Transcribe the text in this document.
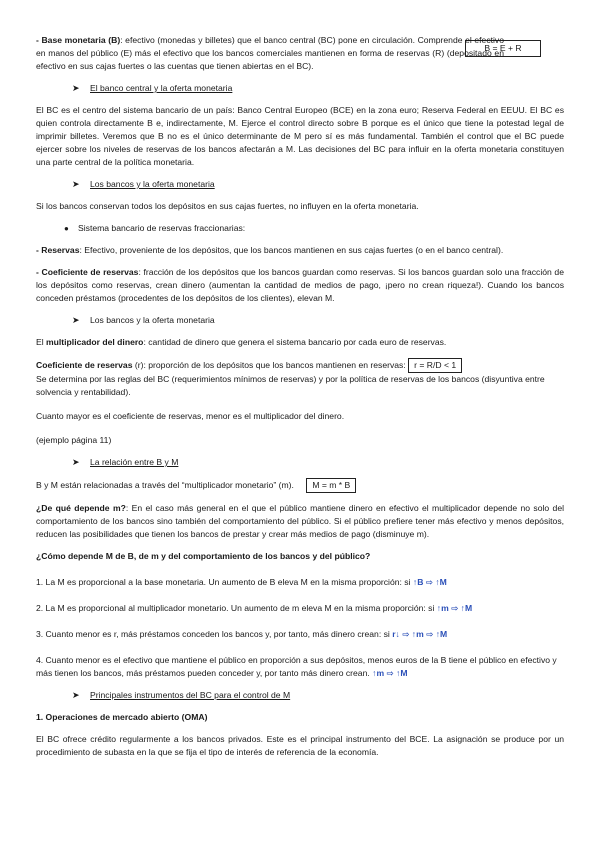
B = E + R

- Base monetaria (B): efectivo (monedas y billetes) que el banco central (BC) pone en circulación. Comprende el efectivo en manos del público (E) más el efectivo que los bancos comerciales mantienen en forma de reservas (R) (depositado en efectivo en sus cajas fuertes o las cuentas que tienen abiertas en el BC).

➤ El banco central y la oferta monetaria

El BC es el centro del sistema bancario de un país: Banco Central Europeo (BCE) en la zona euro; Reserva Federal en EEUU. El BC es quien controla directamente B e, indirectamente, M. Ejerce el control directo sobre B porque es el único que tiene la potestad legal de imprimir billetes. Veremos que B no es el único determinante de M pero sí es más fundamental. También el control que el BC puede ejercer sobre los niveles de reservas de los bancos afectarán a M. Las decisiones del BC para influir en la oferta monetaria constituyen una parte central de la política monetaria.

➤ Los bancos y la oferta monetaria

Si los bancos conservan todos los depósitos en sus cajas fuertes, no influyen en la oferta monetaria.

● Sistema bancario de reservas fraccionarias:

- Reservas: Efectivo, proveniente de los depósitos, que los bancos mantienen en sus cajas fuertes (o en el banco central).

- Coeficiente de reservas: fracción de los depósitos que los bancos guardan como reservas. Si los bancos guardan solo una fracción de los depósitos como reservas, crean dinero (aumentan la cantidad de medios de pago, ¡pero no crean riqueza!). Cuando los bancos conceden préstamos (procedentes de los depósitos de los clientes), elevan M.

➤ Los bancos y la oferta monetaria

El multiplicador del dinero: cantidad de dinero que genera el sistema bancario por cada euro de reservas.

Coeficiente de reservas (r): proporción de los depósitos que los bancos mantienen en reservas: r = R/D < 1
Se determina por las reglas del BC (requerimientos mínimos de reservas) y por la política de reservas de los bancos (disyuntiva entre solvencia y rentabilidad).

Cuanto mayor es el coeficiente de reservas, menor es el multiplicador del dinero.

(ejemplo página 11)

➤ La relación entre B y M

B y M están relacionadas a través del “multiplicador monetario” (m). M = m * B

¿De qué depende m?: En el caso más general en el que el público mantiene dinero en efectivo el multiplicador depende no solo del comportamiento de los bancos sino también del comportamiento del público. Si el público prefiere tener más efectivo y menos depósitos, reducen las posibilidades que tienen los bancos de prestar y crear más medios de pago (disminuye m).

¿Cómo depende M de B, de m y del comportamiento de los bancos y del público?

1. La M es proporcional a la base monetaria. Un aumento de B eleva M en la misma proporción: si ↑B ⇨ ↑M

2. La M es proporcional al multiplicador monetario. Un aumento de m eleva M en la misma proporción: si ↑m ⇨ ↑M

3. Cuanto menor es r, más préstamos conceden los bancos y, por tanto, más dinero crean: si r↓ ⇨ ↑m ⇨ ↑M

4. Cuanto menor es el efectivo que mantiene el público en proporción a sus depósitos, menos euros de la B tiene el público en efectivo y más tienen los bancos, más préstamos pueden conceder y, por tanto más dinero crean. ↑m ⇨ ↑M

➤ Principales instrumentos del BC para el control de M

1. Operaciones de mercado abierto (OMA)

El BC ofrece crédito regularmente a los bancos privados. Este es el principal instrumento del BCE. La asignación se produce por un procedimiento de subasta en la que se fija el tipo de interés de referencia de la economía.
